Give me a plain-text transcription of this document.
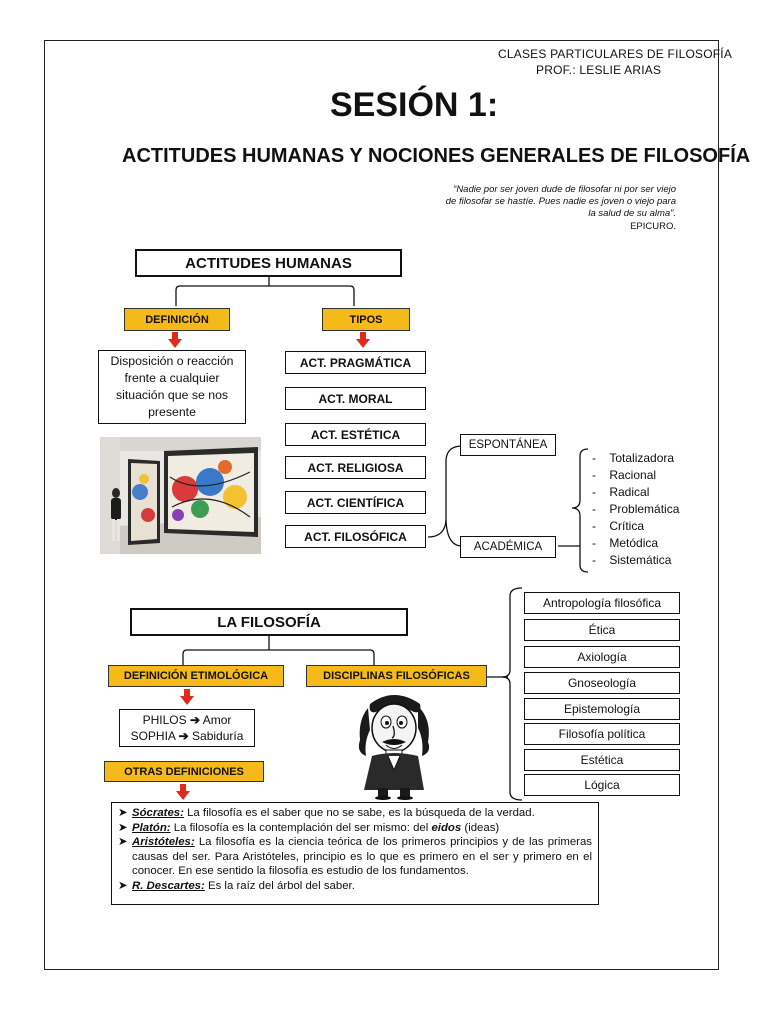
CLASES PARTICULARES DE FILOSOFÍA
PROF.: LESLIE ARIAS
SESIÓN 1:
ACTITUDES HUMANAS Y NOCIONES GENERALES DE FILOSOFÍA
“Nadie por ser joven dude de filosofar ni por ser viejo
de filosofar se hastíe. Pues nadie es joven o viejo para
la salud de su alma”.
EPICURO.
ACTITUDES HUMANAS
DEFINICIÓN	TIPOS
Disposición o reacción
frente a cualquier
situación que se nos
presente
ACT. PRAGMÁTICA
ACT. MORAL
ACT. ESTÉTICA
ACT. RELIGIOSA
ACT. CIENTÍFICA
ACT. FILOSÓFICA
ESPONTÁNEA
ACADÉMICA
-    Totalizadora
-    Racional
-    Radical
-    Problemática
-    Crítica
-    Metódica
-    Sistemática
LA FILOSOFÍA
DEFINICIÓN ETIMOLÓGICA	DISCIPLINAS FILOSÓFICAS
PHILOS ➔ Amor
SOPHIA ➔ Sabiduría
OTRAS DEFINICIONES
Antropología filosófica
Ética
Axiología
Gnoseología
Epistemología
Filosofía política
Estética
Lógica

➤ Sócrates: La filosofía es el saber que no se sabe, es la búsqueda de la verdad.

➤ Platón: La filosofía es la contemplación del ser mismo: del eidos (ideas)

➤ Aristóteles: La filosofía es la ciencia teórica de los primeros principios y de las primeras causas del ser. Para Aristóteles, principio es lo que es primero en el ser y primero en el conocer. En ese sentido la filosofía es estudio de los fundamentos.

➤ R. Descartes: Es la raíz del árbol del saber.
